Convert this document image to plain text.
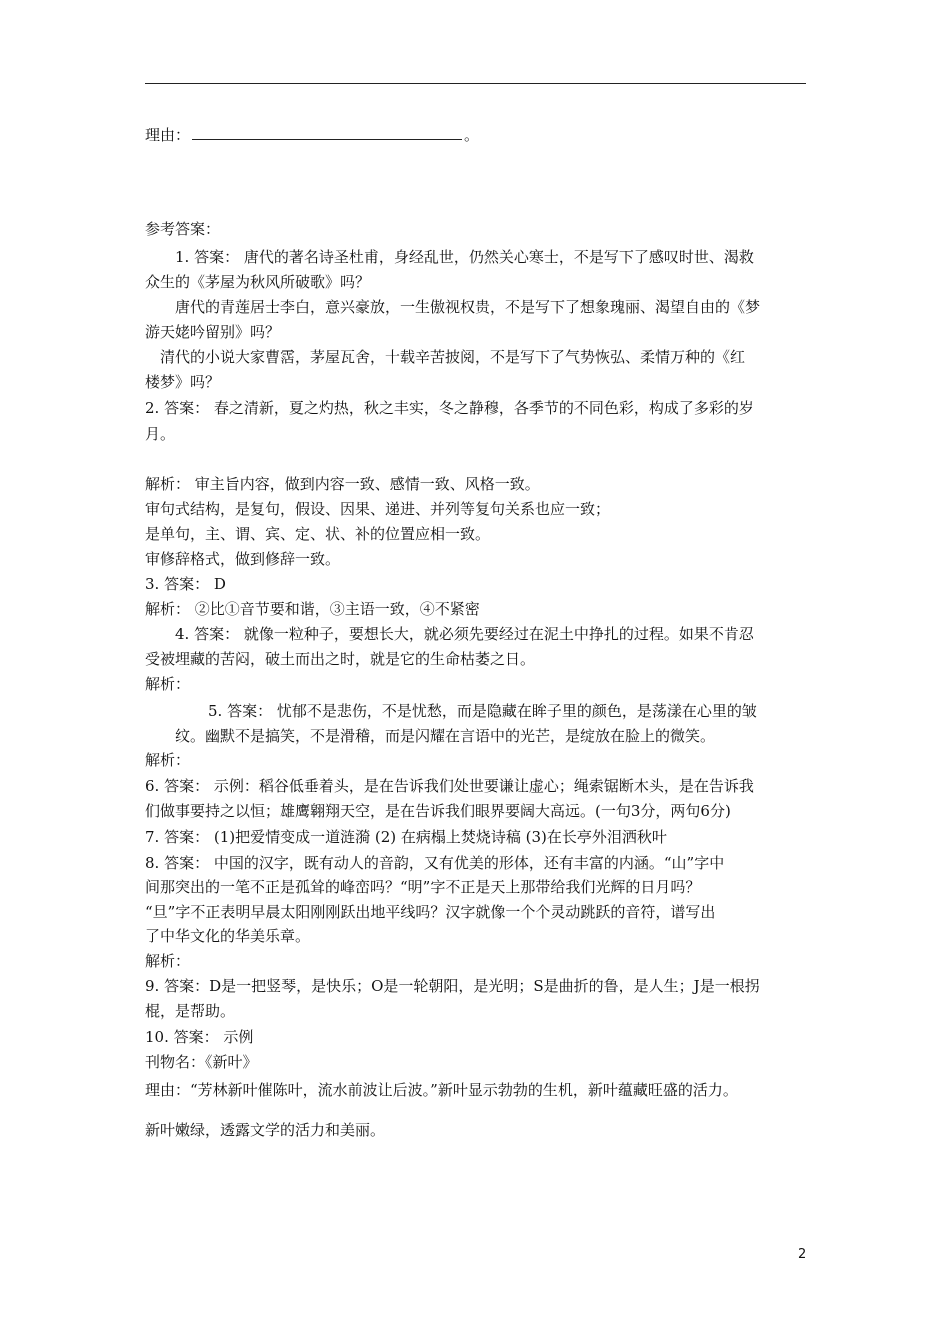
理由：	。
参考答案：
1. 答案： 唐代的著名诗圣杜甫，身经乱世，仍然关心寒士，不是写下了感叹时世、渴救
众生的《茅屋为秋风所破歌》吗？
唐代的青莲居士李白，意兴豪放，一生傲视权贵，不是写下了想象瑰丽、渴望自由的《梦
游天姥吟留别》吗？
清代的小说大家曹霑，茅屋瓦舍，十载辛苦披阅，不是写下了气势恢弘、柔情万种的《红
楼梦》吗？
2. 答案： 春之清新，夏之灼热，秋之丰实，冬之静穆，各季节的不同色彩，构成了多彩的岁
月。
解析： 审主旨内容，做到内容一致、感情一致、风格一致。
审句式结构，是复句，假设、因果、递进、并列等复句关系也应一致；
是单句，主、谓、宾、定、状、补的位置应相一致。
审修辞格式，做到修辞一致。
3. 答案： D
解析： ②比①音节要和谐，③主语一致，④不紧密
4. 答案： 就像一粒种子，要想长大，就必须先要经过在泥土中挣扎的过程。如果不肯忍
受被埋藏的苦闷，破土而出之时，就是它的生命枯萎之日。
解析：
5. 答案： 忧郁不是悲伤，不是忧愁，而是隐藏在眸子里的颜色，是荡漾在心里的皱
纹。幽默不是搞笑，不是滑稽，而是闪耀在言语中的光芒，是绽放在脸上的微笑。
解析：
6. 答案： 示例：稻谷低垂着头，是在告诉我们处世要谦让虚心；绳索锯断木头，是在告诉我
们做事要持之以恒；雄鹰翱翔天空，是在告诉我们眼界要阔大高远。(一句3分，两句6分)
7. 答案： (1)把爱情变成一道涟漪 (2) 在病榻上焚烧诗稿 (3)在长亭外泪洒秋叶
8. 答案： 中国的汉字，既有动人的音韵，又有优美的形体，还有丰富的内涵。“山”字中
间那突出的一笔不正是孤耸的峰峦吗？“明”字不正是天上那带给我们光辉的日月吗？
“旦”字不正表明早晨太阳刚刚跃出地平线吗？汉字就像一个个灵动跳跃的音符，谱写出
了中华文化的华美乐章。
解析：
9. 答案：D是一把竖琴，是快乐；O是一轮朝阳，是光明；S是曲折的鲁，是人生；J是一根拐
棍，是帮助。
10. 答案： 示例
刊物名：《新叶》
理由：“芳林新叶催陈叶，流水前波让后波。”新叶显示勃勃的生机，新叶蕴藏旺盛的活力。
新叶嫩绿，透露文学的活力和美丽。
2
